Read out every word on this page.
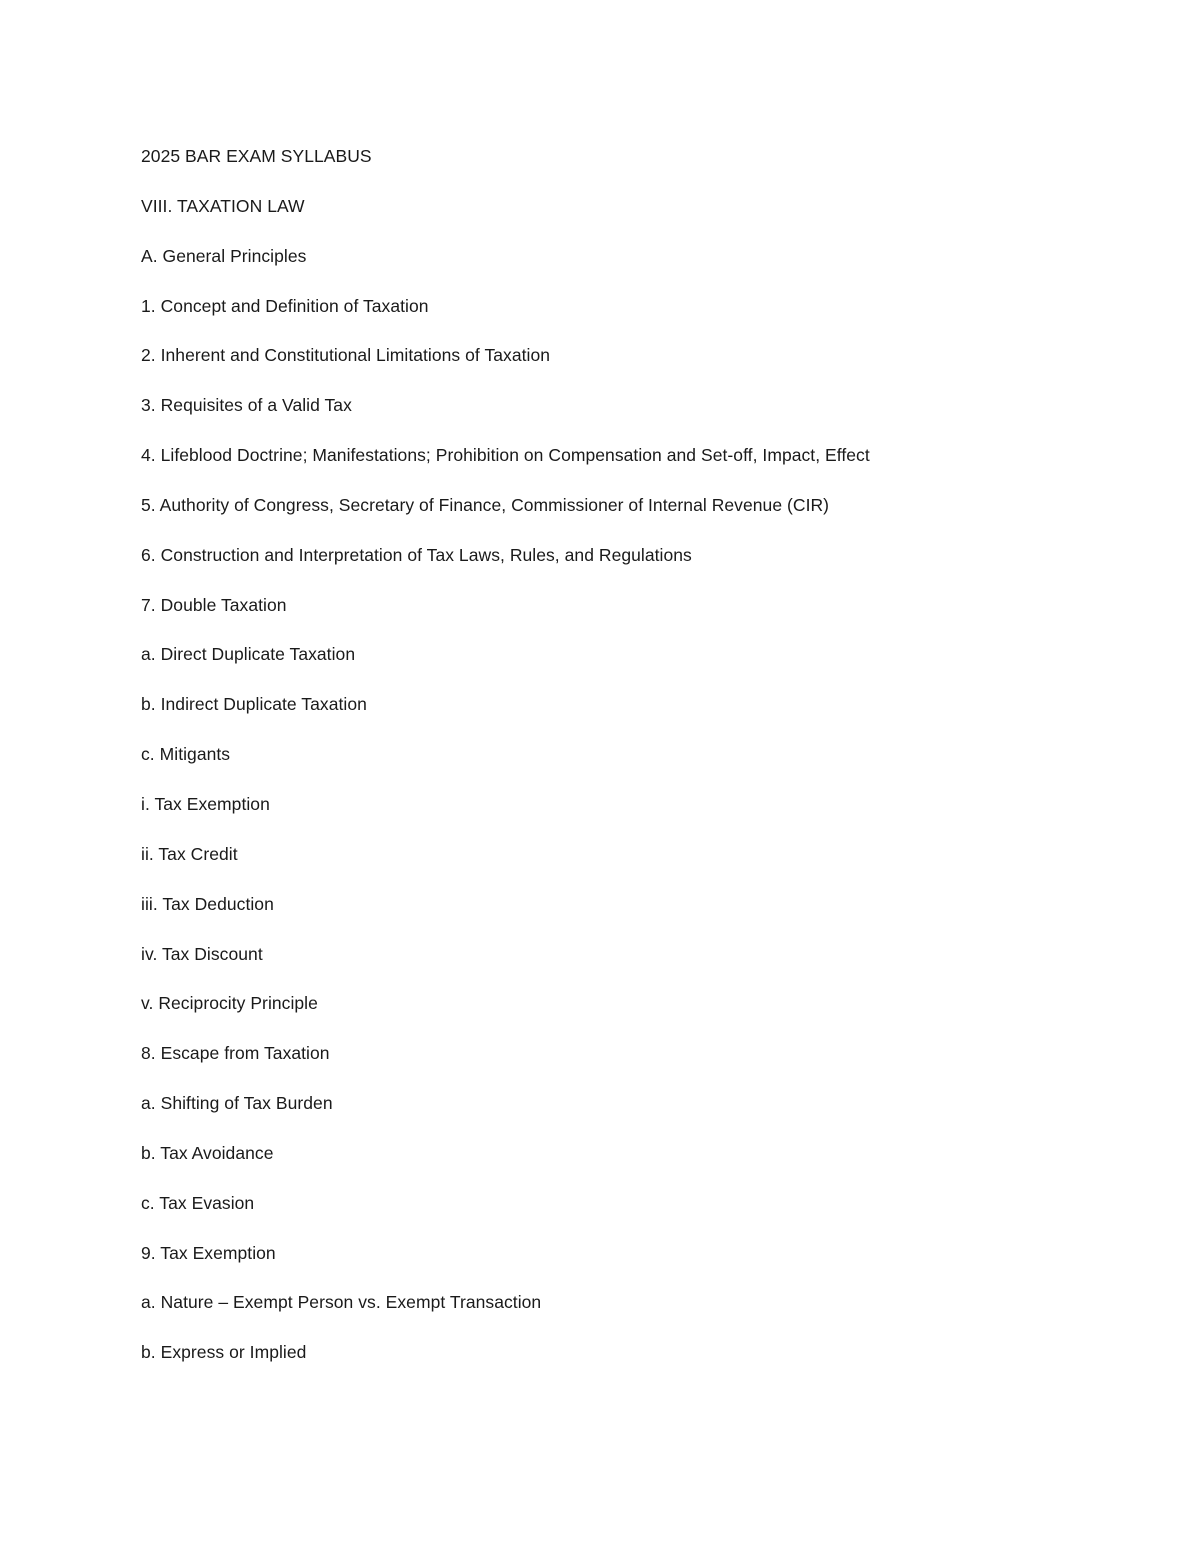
2025 BAR EXAM SYLLABUS
VIII. TAXATION LAW
A. General Principles
1. Concept and Definition of Taxation
2. Inherent and Constitutional Limitations of Taxation
3. Requisites of a Valid Tax
4. Lifeblood Doctrine; Manifestations; Prohibition on Compensation and Set-off, Impact, Effect
5. Authority of Congress, Secretary of Finance, Commissioner of Internal Revenue (CIR)
6. Construction and Interpretation of Tax Laws, Rules, and Regulations
7. Double Taxation
a. Direct Duplicate Taxation
b. Indirect Duplicate Taxation
c. Mitigants
i. Tax Exemption
ii. Tax Credit
iii. Tax Deduction
iv. Tax Discount
v. Reciprocity Principle
8. Escape from Taxation
a. Shifting of Tax Burden
b. Tax Avoidance
c. Tax Evasion
9. Tax Exemption
a. Nature – Exempt Person vs. Exempt Transaction
b. Express or Implied
